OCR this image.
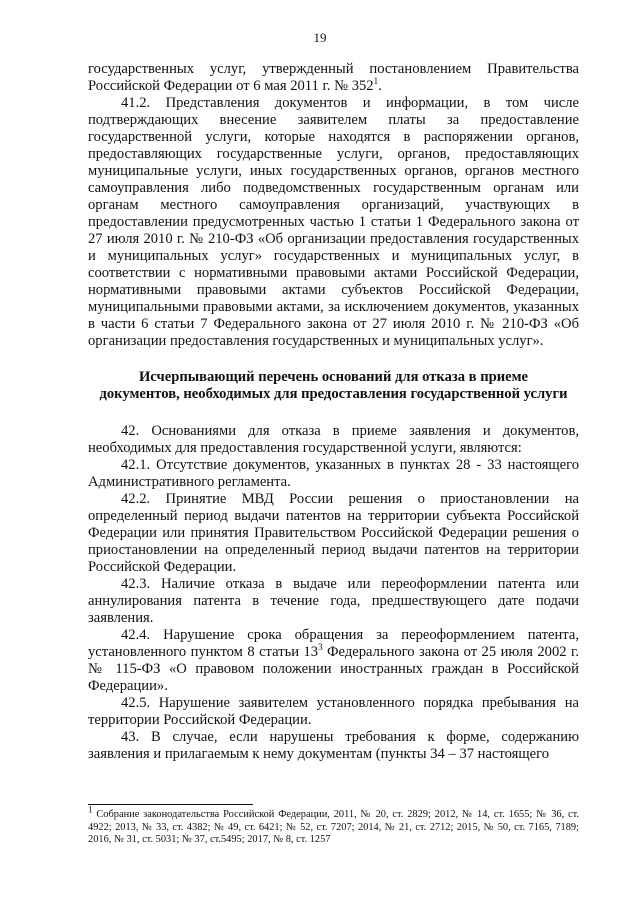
19

государственных услуг, утвержденный постановлением Правительства Российской Федерации от 6 мая 2011 г. № $352^1$.

41.2. Представления документов и информации, в том числе подтверждающих внесение заявителем платы за предоставление государственной услуги, которые находятся в распоряжении органов, предоставляющих государственные услуги, органов, предоставляющих муниципальные услуги, иных государственных органов, органов местного самоуправления либо подведомственных государственным органам или органам местного самоуправления организаций, участвующих в предоставлении предусмотренных частью 1 статьи 1 Федерального закона от 27 июля 2010 г. № 210-ФЗ «Об организации предоставления государственных и муниципальных услуг» государственных и муниципальных услуг, в соответствии с нормативными правовыми актами Российской Федерации, нормативными правовыми актами субъектов Российской Федерации, муниципальными правовыми актами, за исключением документов, указанных в части 6 статьи 7 Федерального закона от 27 июля 2010 г. № 210-ФЗ «Об организации предоставления государственных и муниципальных услуг».

Исчерпывающий перечень оснований для отказа в приеме
документов, необходимых для предоставления государственной услуги

42. Основаниями для отказа в приеме заявления и документов, необходимых для предоставления государственной услуги, являются:

42.1. Отсутствие документов, указанных в пунктах 28 - 33 настоящего Административного регламента.

42.2. Принятие МВД России решения о приостановлении на определенный период выдачи патентов на территории субъекта Российской Федерации или принятия Правительством Российской Федерации решения о приостановлении на определенный период выдачи патентов на территории Российской Федерации.

42.3. Наличие отказа в выдаче или переоформлении патента или аннулирования патента в течение года, предшествующего дате подачи заявления.

42.4. Нарушение срока обращения за переоформлением патента, установленного пунктом 8 статьи $13^3$ Федерального закона от 25 июля 2002 г. № 115-ФЗ «О правовом положении иностранных граждан в Российской Федерации».

42.5. Нарушение заявителем установленного порядка пребывания на территории Российской Федерации.

43. В случае, если нарушены требования к форме, содержанию заявления и прилагаемым к нему документам (пункты 34 – 37 настоящего

$^1$ Собрание законодательства Российской Федерации, 2011, № 20, ст. 2829; 2012, № 14, ст. 1655; № 36, ст. 4922; 2013, № 33, ст. 4382; № 49, ст. 6421; № 52, ст. 7207; 2014, № 21, ст. 2712; 2015, № 50, ст. 7165, 7189; 2016, № 31, ст. 5031; № 37, ст.5495; 2017, № 8, ст. 1257
